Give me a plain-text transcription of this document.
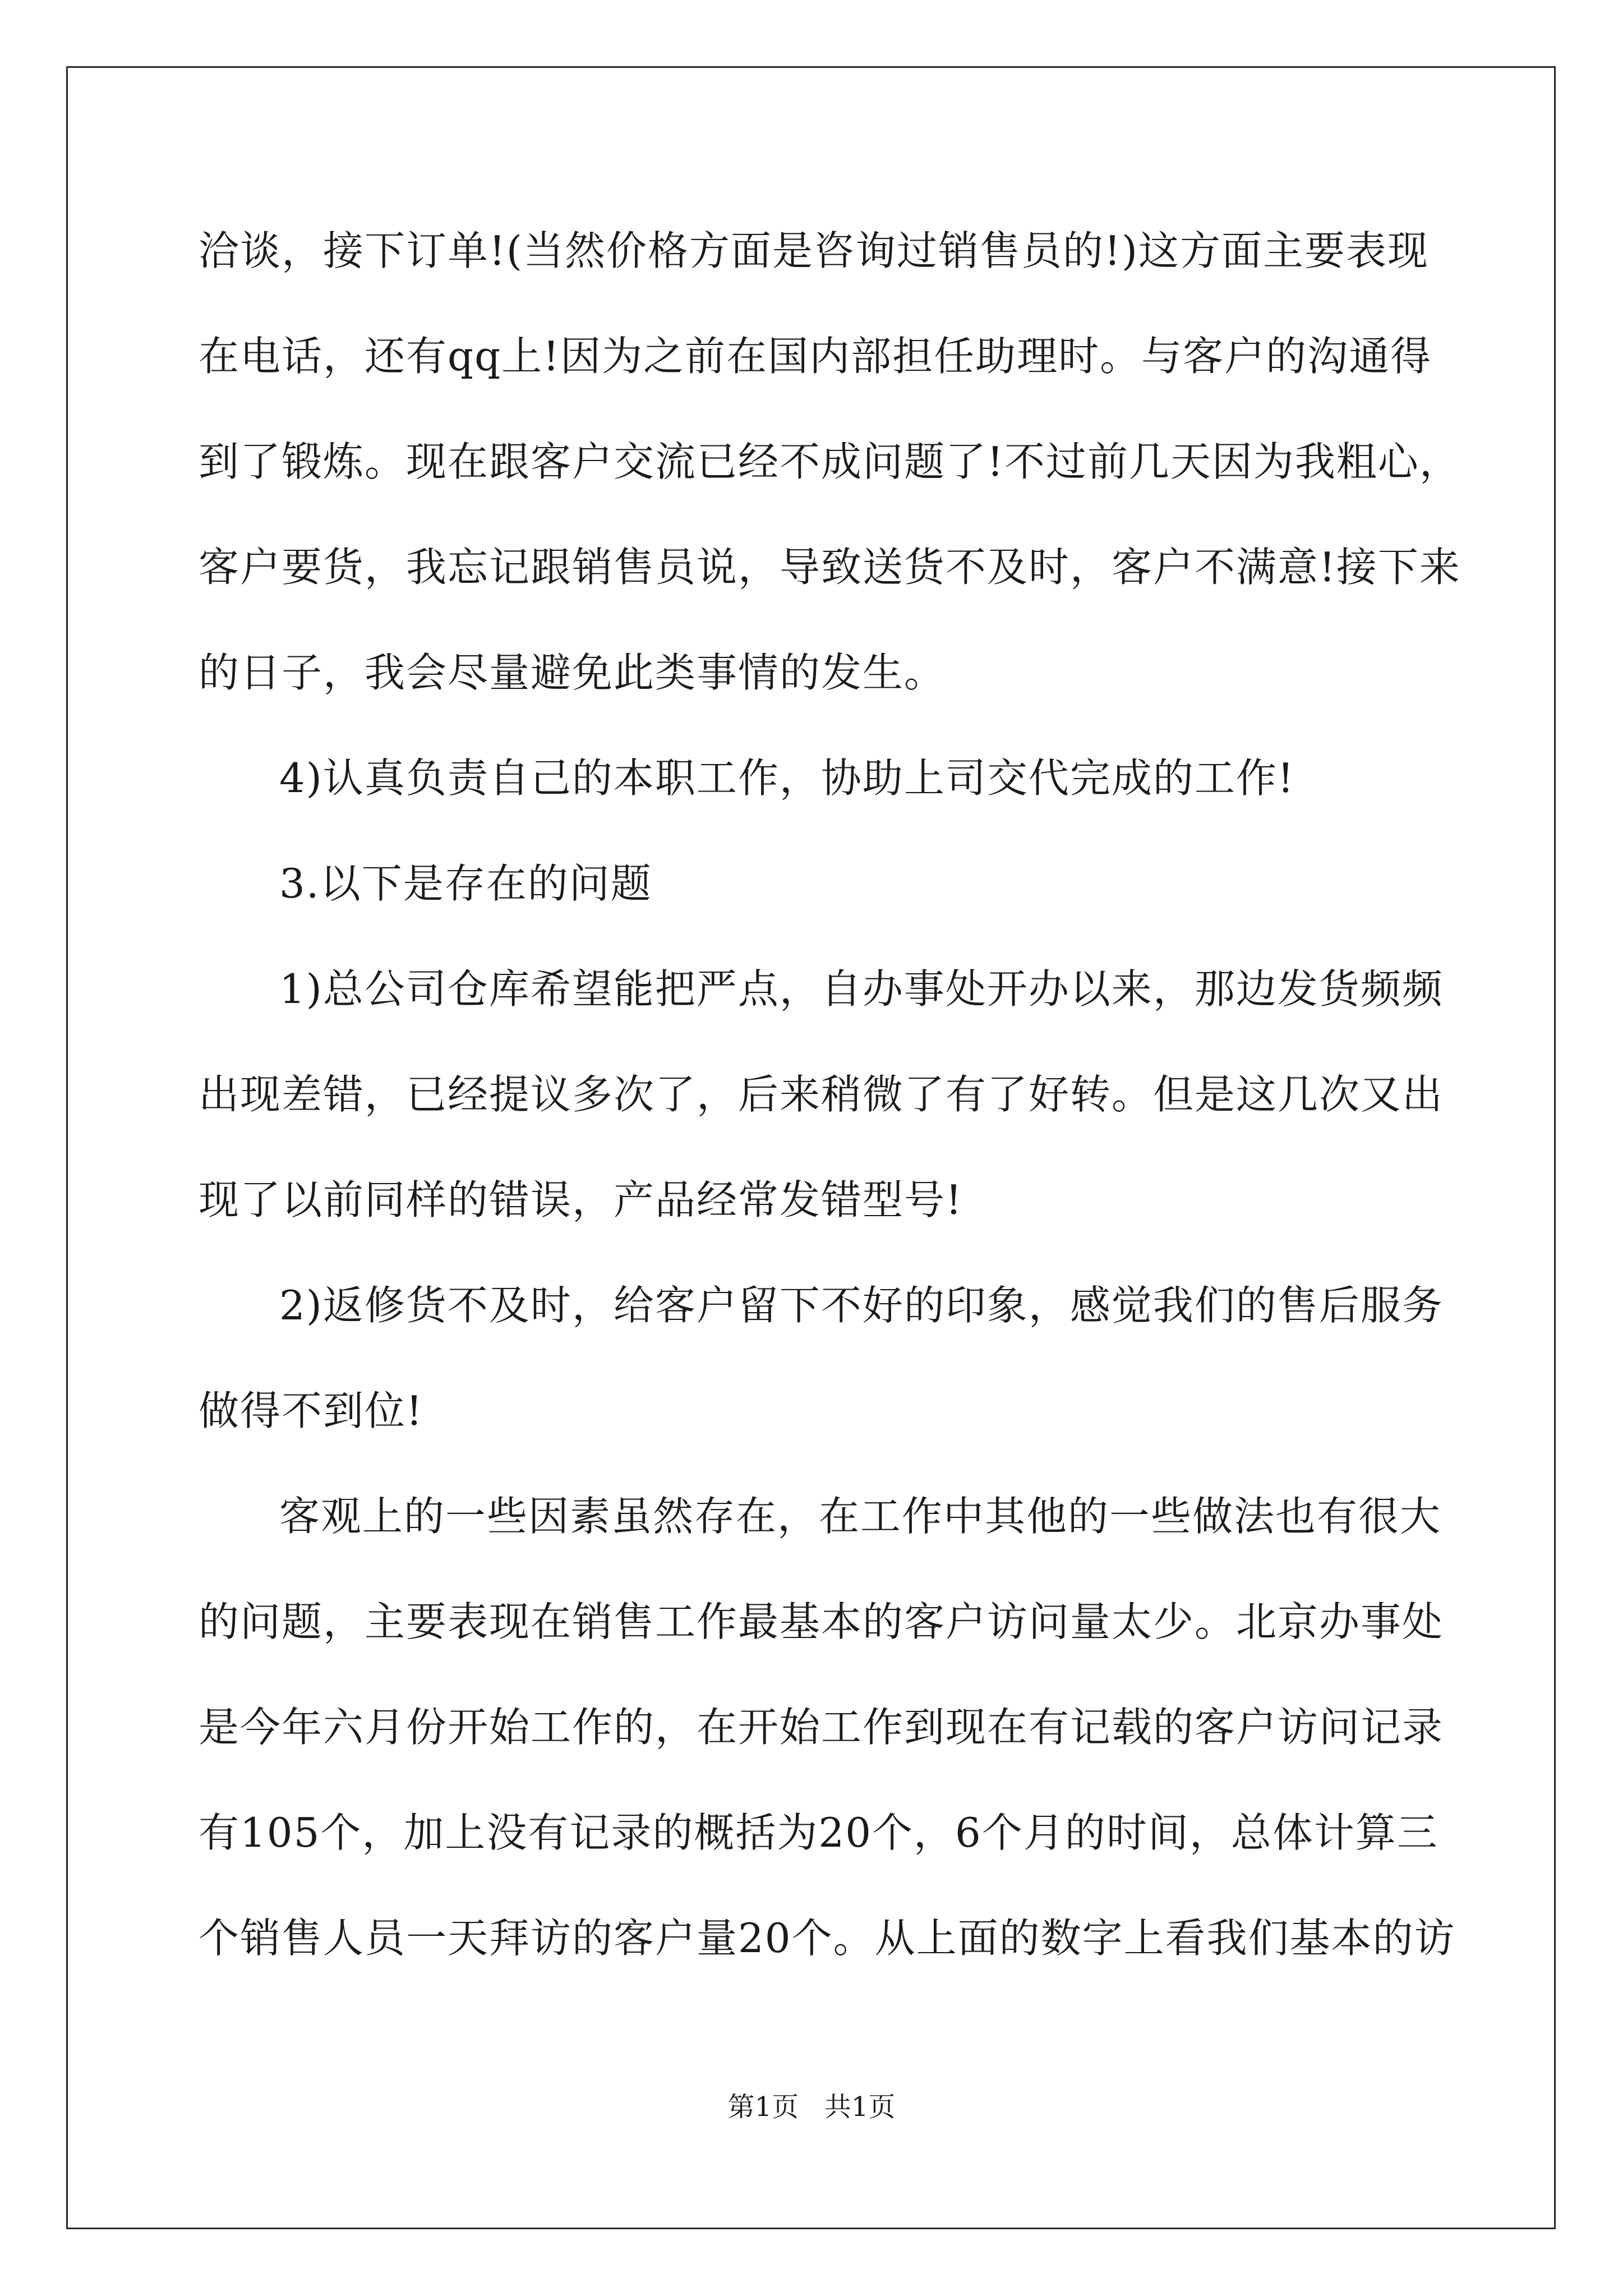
洽谈，接下订单!(当然价格方面是咨询过销售员的!)这方面主要表现
在电话，还有qq上!因为之前在国内部担任助理时。与客户的沟通得
到了锻炼。现在跟客户交流已经不成问题了!不过前几天因为我粗心，
客户要货，我忘记跟销售员说，导致送货不及时，客户不满意!接下来
的日子，我会尽量避免此类事情的发生。
4)认真负责自己的本职工作，协助上司交代完成的工作!
3.以下是存在的问题
1)总公司仓库希望能把严点，自办事处开办以来，那边发货频频
出现差错，已经提议多次了，后来稍微了有了好转。但是这几次又出
现了以前同样的错误，产品经常发错型号!
2)返修货不及时，给客户留下不好的印象，感觉我们的售后服务
做得不到位!
客观上的一些因素虽然存在，在工作中其他的一些做法也有很大
的问题，主要表现在销售工作最基本的客户访问量太少。北京办事处
是今年六月份开始工作的，在开始工作到现在有记载的客户访问记录
有105个，加上没有记录的概括为20个，6个月的时间，总体计算三
个销售人员一天拜访的客户量20个。从上面的数字上看我们基本的访
第1页   共1页
